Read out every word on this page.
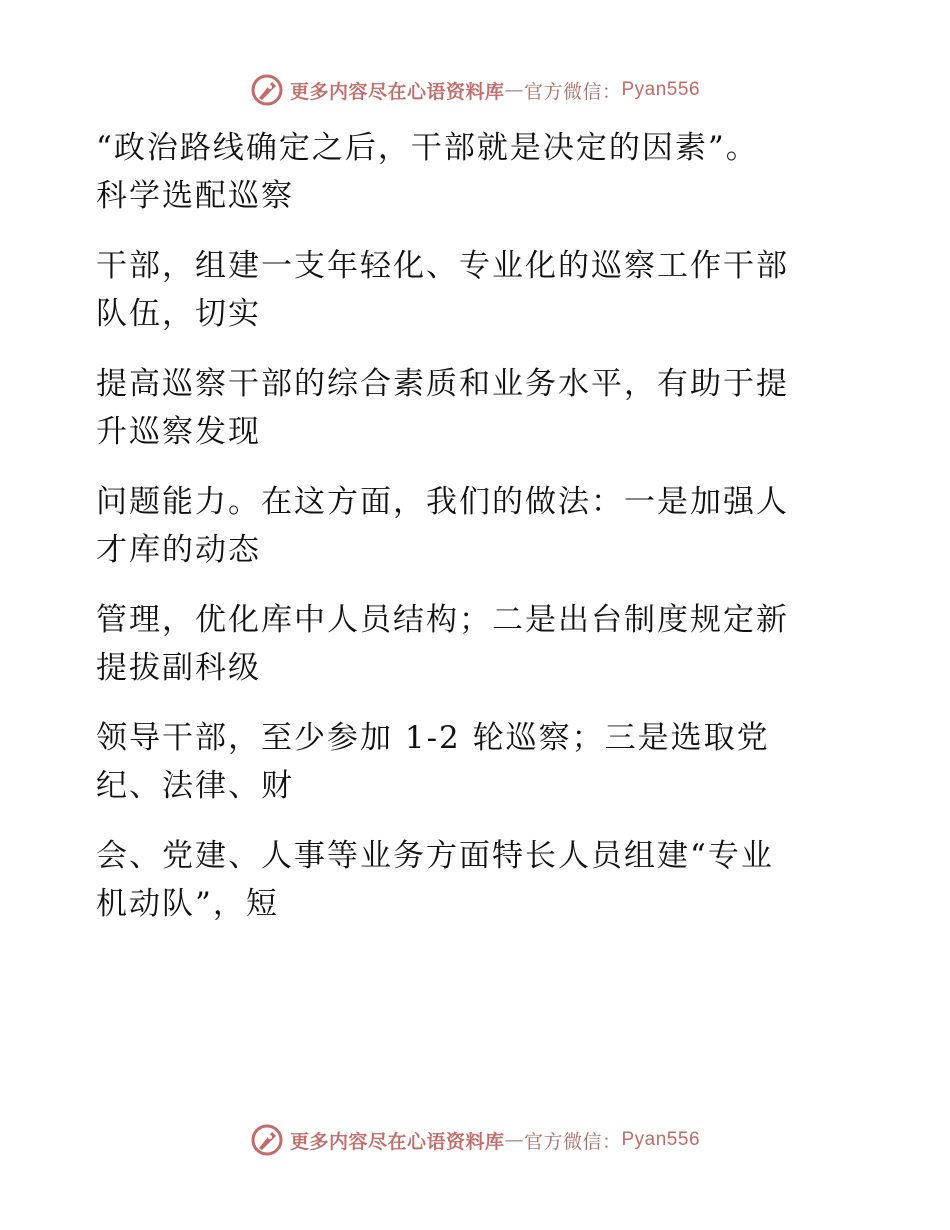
更多内容尽在心语资料库 — 官方微信： Pyan556
“政治路线确定之后，干部就是决定的因素”。
科学选配巡察
干部，组建一支年轻化、专业化的巡察工作干部
队伍，切实
提高巡察干部的综合素质和业务水平，有助于提
升巡察发现
问题能力。在这方面，我们的做法：一是加强人
才库的动态
管理，优化库中人员结构；二是出台制度规定新
提拔副科级
领导干部，至少参加 1-2 轮巡察；三是选取党
纪、法律、财
会、党建、人事等业务方面特长人员组建“专业
机动队”，短
更多内容尽在心语资料库 — 官方微信： Pyan556
